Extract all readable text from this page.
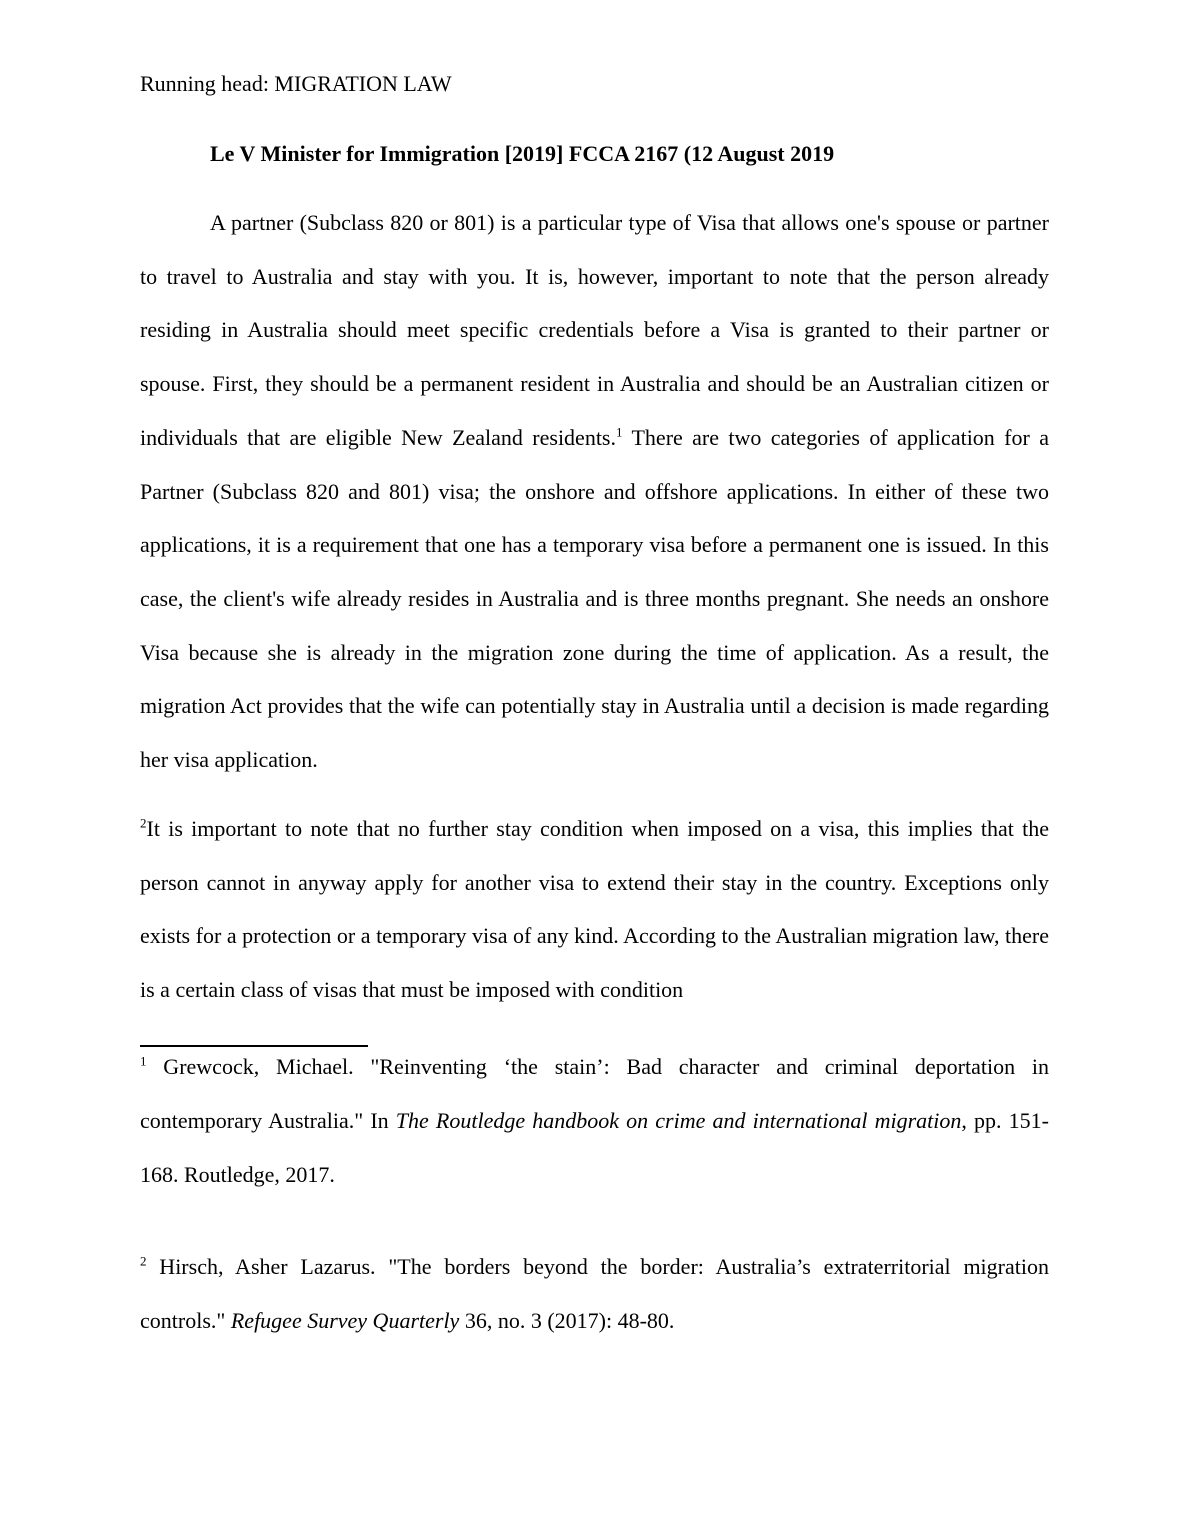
Running head: MIGRATION LAW
Le V Minister for Immigration [2019] FCCA 2167 (12 August 2019

A partner (Subclass 820 or 801) is a particular type of Visa that allows one's spouse or partner to travel to Australia and stay with you. It is, however, important to note that the person already residing in Australia should meet specific credentials before a Visa is granted to their partner or spouse. First, they should be a permanent resident in Australia and should be an Australian citizen or individuals that are eligible New Zealand residents.$^1$ There are two categories of application for a Partner (Subclass 820 and 801) visa; the onshore and offshore applications. In either of these two applications, it is a requirement that one has a temporary visa before a permanent one is issued. In this case, the client's wife already resides in Australia and is three months pregnant. She needs an onshore Visa because she is already in the migration zone during the time of application. As a result, the migration Act provides that the wife can potentially stay in Australia until a decision is made regarding her visa application.

$^2$It is important to note that no further stay condition when imposed on a visa, this implies that the person cannot in anyway apply for another visa to extend their stay in the country. Exceptions only exists for a protection or a temporary visa of any kind. According to the Australian migration law, there is a certain class of visas that must be imposed with condition

$^1$ Grewcock, Michael. "Reinventing ‘the stain’: Bad character and criminal deportation in contemporary Australia." In The Routledge handbook on crime and international migration, pp. 151-168. Routledge, 2017.

$^2$ Hirsch, Asher Lazarus. "The borders beyond the border: Australia’s extraterritorial migration controls." Refugee Survey Quarterly 36, no. 3 (2017): 48-80.
